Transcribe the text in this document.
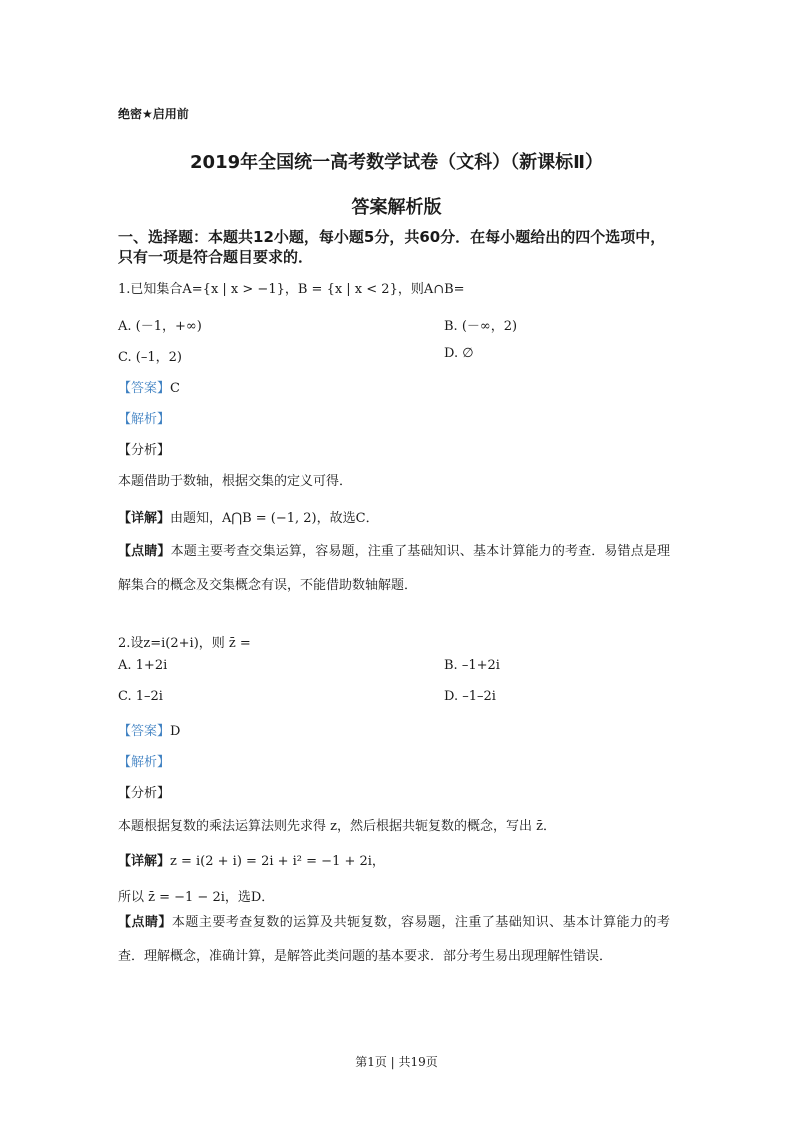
绝密★启用前
2019年全国统一高考数学试卷（文科）（新课标Ⅱ）
答案解析版
一、选择题：本题共12小题，每小题5分，共60分．在每小题给出的四个选项中，只有一项是符合题目要求的．
1.已知集合A={x | x > −1}，B = {x | x < 2}，则A∩B=
A. (－1，+∞)	B. (－∞，2)
C. (–1，2)	D. ∅
【答案】C
【解析】
【分析】
本题借助于数轴，根据交集的定义可得．
【详解】由题知，A⋂B = (−1, 2)，故选C．
【点睛】本题主要考查交集运算，容易题，注重了基础知识、基本计算能力的考查．易错点是理解集合的概念及交集概念有误，不能借助数轴解题．
2.设z=i(2+i)，则 z̄ =
A. 1+2i	B. –1+2i
C. 1–2i	D. –1–2i
【答案】D
【解析】
【分析】
本题根据复数的乘法运算法则先求得 z，然后根据共轭复数的概念，写出 z̄．
【详解】z = i(2 + i) = 2i + i² = −1 + 2i，
所以 z̄ = −1 − 2i，选D．
【点睛】本题主要考查复数的运算及共轭复数，容易题，注重了基础知识、基本计算能力的考查．理解概念，准确计算，是解答此类问题的基本要求．部分考生易出现理解性错误．
第1页 | 共19页
